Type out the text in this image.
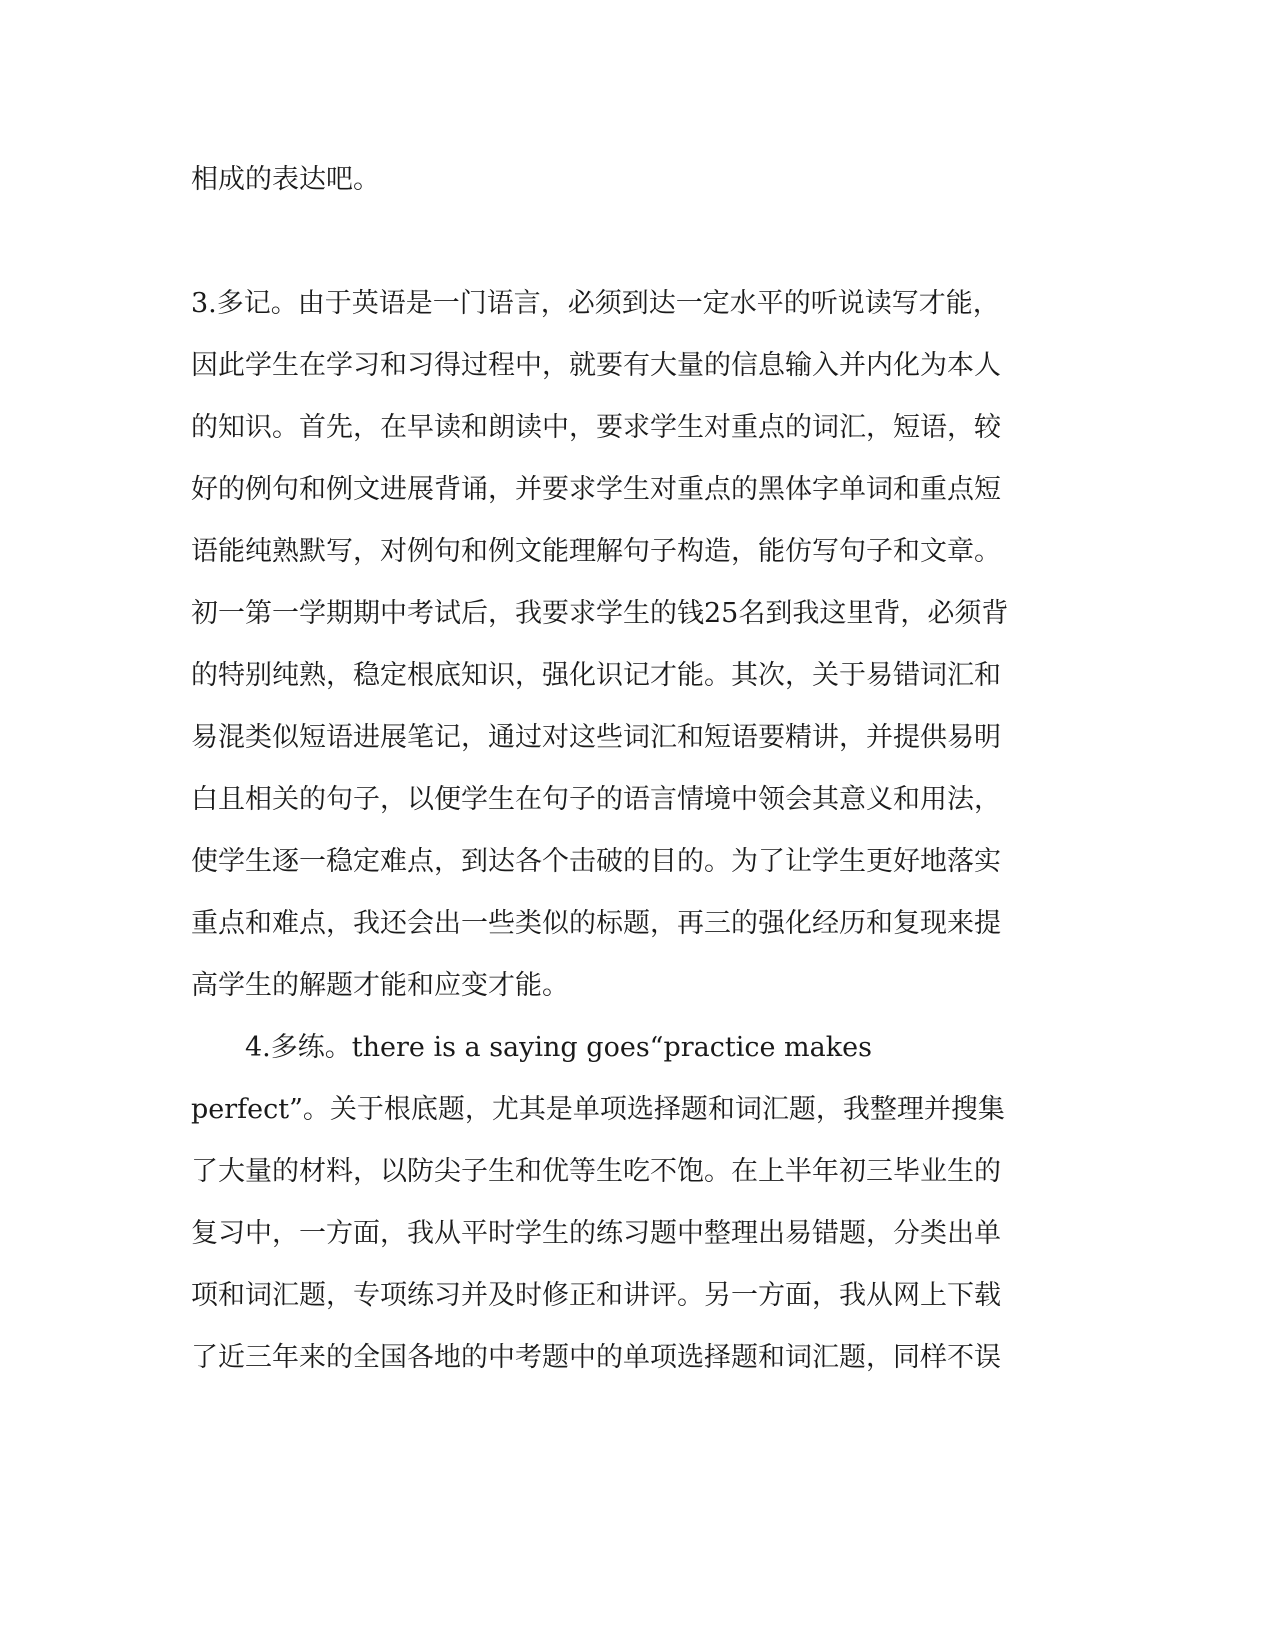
相成的表达吧。

3.多记。由于英语是一门语言，必须到达一定水平的听说读写才能，

因此学生在学习和习得过程中，就要有大量的信息输入并内化为本人

的知识。首先，在早读和朗读中，要求学生对重点的词汇，短语，较

好的例句和例文进展背诵，并要求学生对重点的黑体字单词和重点短

语能纯熟默写，对例句和例文能理解句子构造，能仿写句子和文章。

初一第一学期期中考试后，我要求学生的钱25名到我这里背，必须背

的特别纯熟，稳定根底知识，强化识记才能。其次，关于易错词汇和

易混类似短语进展笔记，通过对这些词汇和短语要精讲，并提供易明

白且相关的句子，以便学生在句子的语言情境中领会其意义和用法，

使学生逐一稳定难点，到达各个击破的目的。为了让学生更好地落实

重点和难点，我还会出一些类似的标题，再三的强化经历和复现来提

高学生的解题才能和应变才能。

4.多练。there is a saying goes“practice makes

perfect”。关于根底题，尤其是单项选择题和词汇题，我整理并搜集

了大量的材料，以防尖子生和优等生吃不饱。在上半年初三毕业生的

复习中，一方面，我从平时学生的练习题中整理出易错题，分类出单

项和词汇题，专项练习并及时修正和讲评。另一方面，我从网上下载

了近三年来的全国各地的中考题中的单项选择题和词汇题，同样不误
